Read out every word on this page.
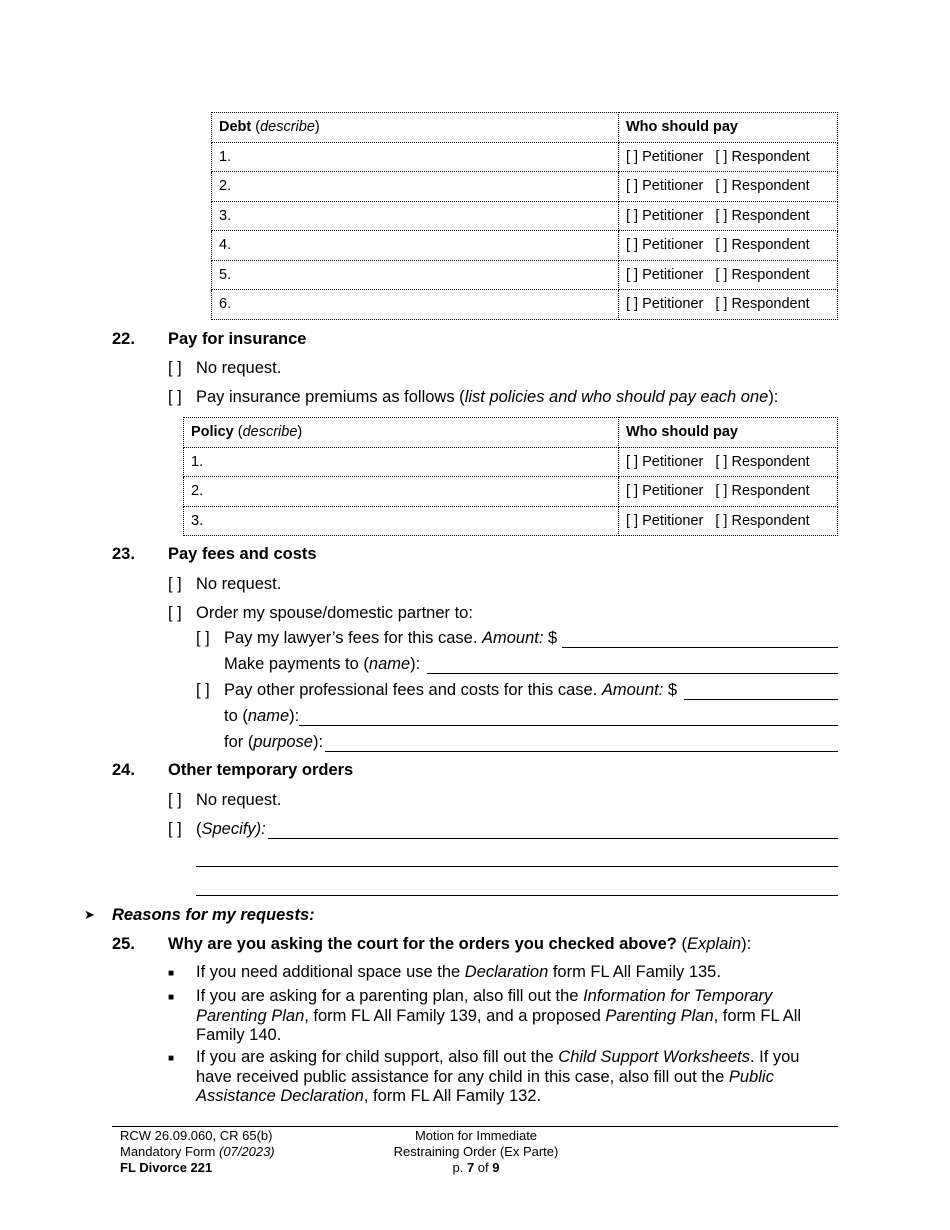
Debt (describe)	Who should pay
1.	[ ] Petitioner [ ] Respondent
2.	[ ] Petitioner [ ] Respondent
3.	[ ] Petitioner [ ] Respondent
4.	[ ] Petitioner [ ] Respondent
5.	[ ] Petitioner [ ] Respondent
6.	[ ] Petitioner [ ] Respondent
22. Pay for insurance
[ ] No request.
[ ] Pay insurance premiums as follows (list policies and who should pay each one):
Policy (describe)	Who should pay
1.	[ ] Petitioner [ ] Respondent
2.	[ ] Petitioner [ ] Respondent
3.	[ ] Petitioner [ ] Respondent
23. Pay fees and costs
[ ] No request.
[ ] Order my spouse/domestic partner to:
[ ] Pay my lawyer’s fees for this case. Amount: $
Make payments to (name):
[ ] Pay other professional fees and costs for this case. Amount: $
to (name):
for (purpose):
24. Other temporary orders
[ ] No request.
[ ] (Specify):
➤ Reasons for my requests:
25. Why are you asking the court for the orders you checked above? (Explain):
■ If you need additional space use the Declaration form FL All Family 135.
■ If you are asking for a parenting plan, also fill out the Information for Temporary Parenting Plan, form FL All Family 139, and a proposed Parenting Plan, form FL All Family 140.
■ If you are asking for child support, also fill out the Child Support Worksheets. If you have received public assistance for any child in this case, also fill out the Public Assistance Declaration, form FL All Family 132.
RCW 26.09.060, CR 65(b)
Mandatory Form (07/2023)
FL Divorce 221
Motion for Immediate
Restraining Order (Ex Parte)
p. 7 of 9
